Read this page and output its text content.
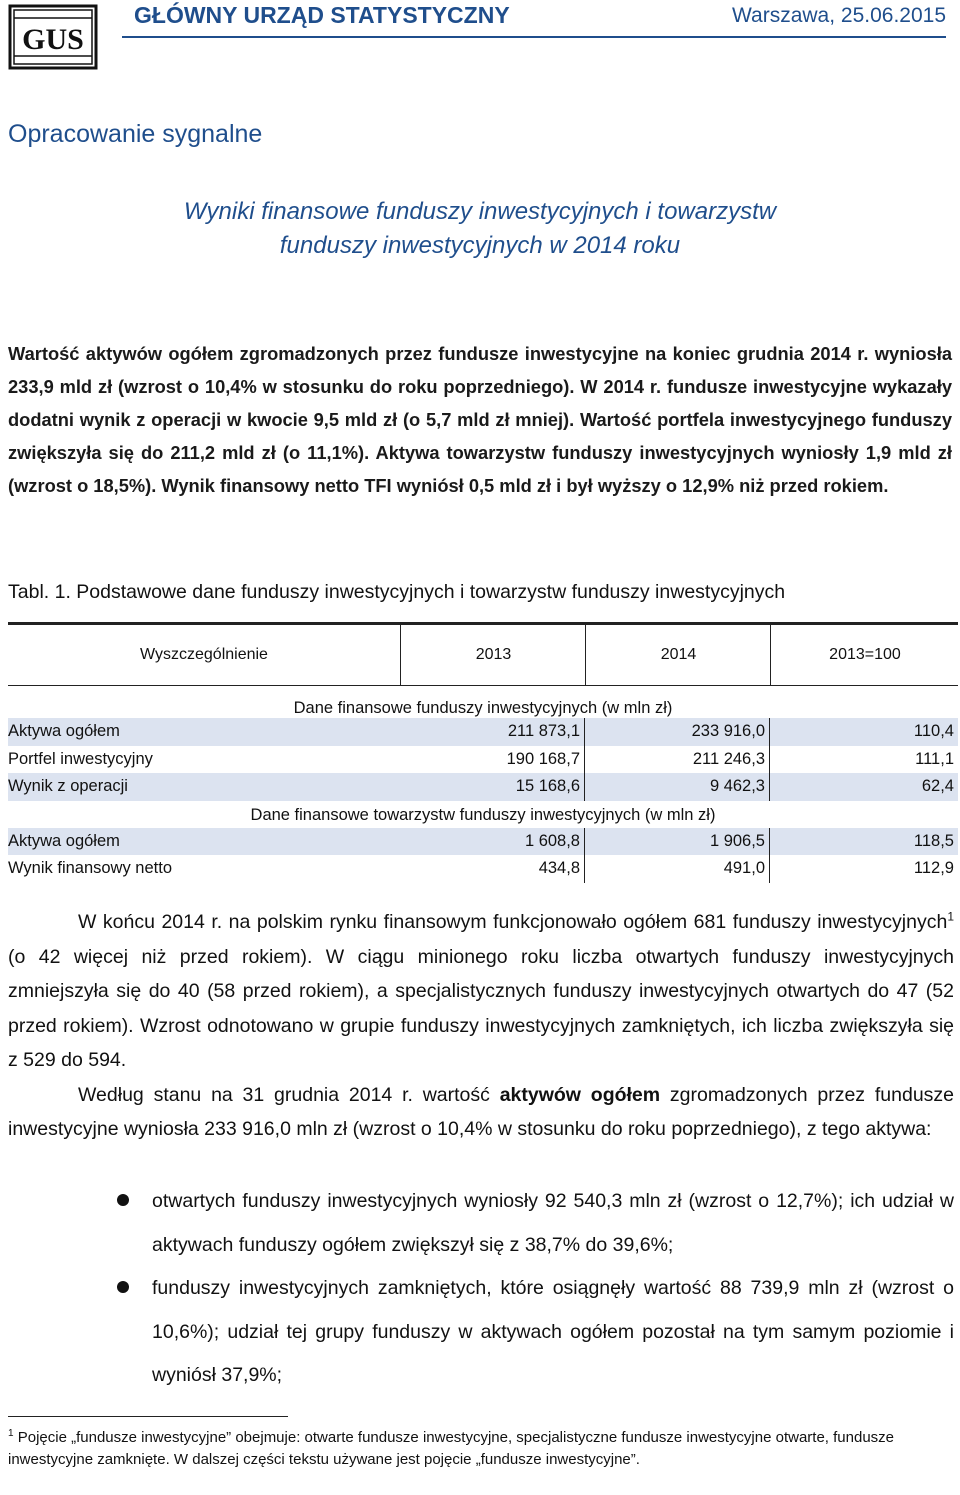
GUS
GŁÓWNY URZĄD STATYSTYCZNY	Warszawa, 25.06.2015
Opracowanie sygnalne
Wyniki finansowe funduszy inwestycyjnych i towarzystw
funduszy inwestycyjnych w 2014 roku
Wartość aktywów ogółem zgromadzonych przez fundusze inwestycyjne na koniec grudnia 2014 r. wyniosła 233,9 mld zł (wzrost o 10,4% w stosunku do roku poprzedniego). W 2014 r. fundusze inwestycyjne wykazały dodatni wynik z operacji w kwocie 9,5 mld zł (o 5,7 mld zł mniej). Wartość portfela inwestycyjnego funduszy zwiększyła się do 211,2 mld zł (o 11,1%). Aktywa towarzystw funduszy inwestycyjnych wyniosły 1,9 mld zł (wzrost o 18,5%). Wynik finansowy netto TFI wyniósł 0,5 mld zł i był wyższy o 12,9% niż przed rokiem.
Tabl. 1. Podstawowe dane funduszy inwestycyjnych i towarzystw funduszy inwestycyjnych
Wyszczególnienie	2013	2014	2013=100
Dane finansowe funduszy inwestycyjnych (w mln zł)
Aktywa ogółem	211 873,1	233 916,0	110,4
Portfel inwestycyjny	190 168,7	211 246,3	111,1
Wynik z operacji	15 168,6	9 462,3	62,4
Dane finansowe towarzystw funduszy inwestycyjnych (w mln zł)
Aktywa ogółem	1 608,8	1 906,5	118,5
Wynik finansowy netto	434,8	491,0	112,9

W końcu 2014 r. na polskim rynku finansowym funkcjonowało ogółem 681 funduszy inwestycyjnych$^1$ (o 42 więcej niż przed rokiem). W ciągu minionego roku liczba otwartych funduszy inwestycyjnych zmniejszyła się do 40 (58 przed rokiem), a specjalistycznych funduszy inwestycyjnych otwartych do 47 (52 przed rokiem). Wzrost odnotowano w grupie funduszy inwestycyjnych zamkniętych, ich liczba zwiększyła się z 529 do 594.

Według stanu na 31 grudnia 2014 r. wartość aktywów ogółem zgromadzonych przez fundusze inwestycyjne wyniosła 233 916,0 mln zł (wzrost o 10,4% w stosunku do roku poprzedniego), z tego aktywa:

otwartych funduszy inwestycyjnych wyniosły 92 540,3 mln zł (wzrost o 12,7%); ich udział w aktywach funduszy ogółem zwiększył się z 38,7% do 39,6%;
funduszy inwestycyjnych zamkniętych, które osiągnęły wartość 88 739,9 mln zł (wzrost o 10,6%); udział tej grupy funduszy w aktywach ogółem pozostał na tym samym poziomie i wyniósł 37,9%;
$^1$ Pojęcie „fundusze inwestycyjne” obejmuje: otwarte fundusze inwestycyjne, specjalistyczne fundusze inwestycyjne otwarte, fundusze inwestycyjne zamknięte. W dalszej części tekstu używane jest pojęcie „fundusze inwestycyjne”.
